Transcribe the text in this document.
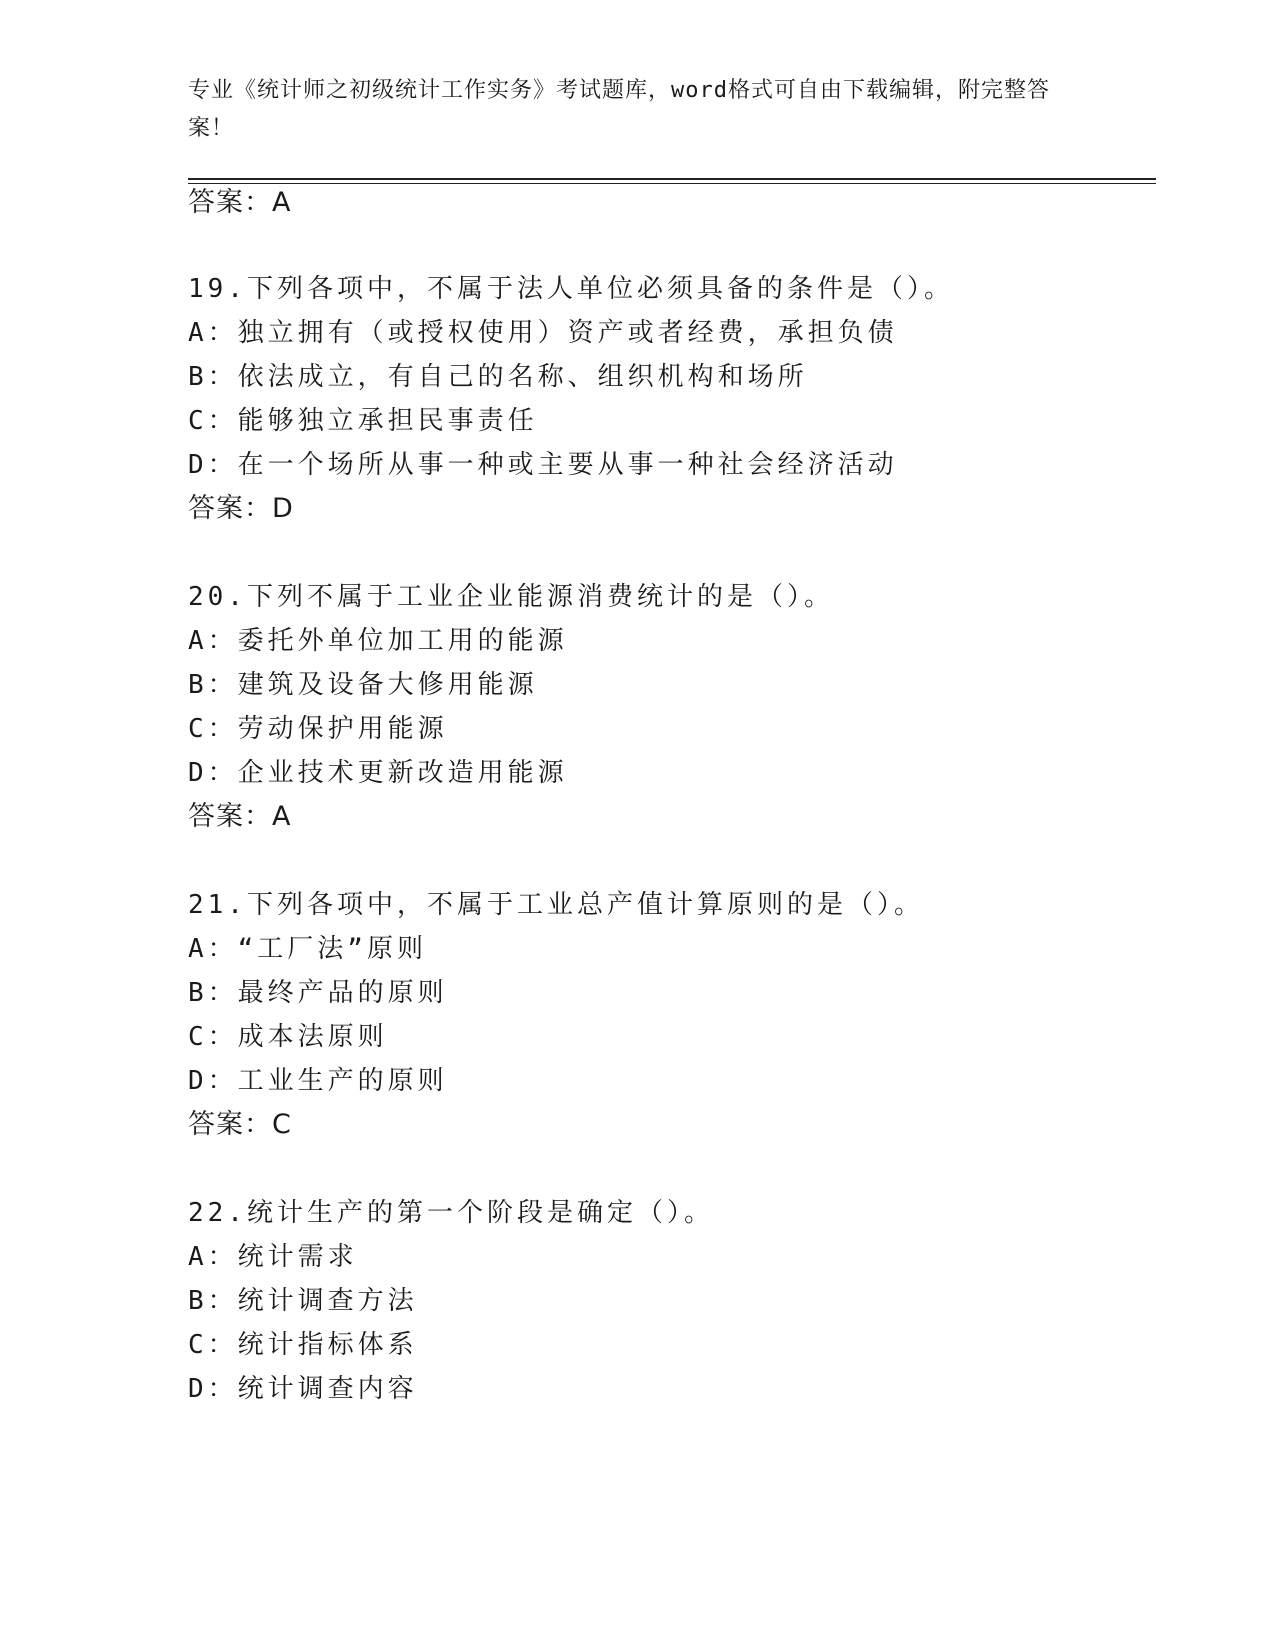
专业《统计师之初级统计工作实务》考试题库，word格式可自由下载编辑，附完整答案！
答案：A
19.下列各项中，不属于法人单位必须具备的条件是（）。
A：独立拥有（或授权使用）资产或者经费，承担负债
B：依法成立，有自己的名称、组织机构和场所
C：能够独立承担民事责任
D：在一个场所从事一种或主要从事一种社会经济活动
答案：D
20.下列不属于工业企业能源消费统计的是（）。
A：委托外单位加工用的能源
B：建筑及设备大修用能源
C：劳动保护用能源
D：企业技术更新改造用能源
答案：A
21.下列各项中，不属于工业总产值计算原则的是（）。
A：“工厂法”原则
B：最终产品的原则
C：成本法原则
D：工业生产的原则
答案：C
22.统计生产的第一个阶段是确定（）。
A：统计需求
B：统计调查方法
C：统计指标体系
D：统计调查内容
